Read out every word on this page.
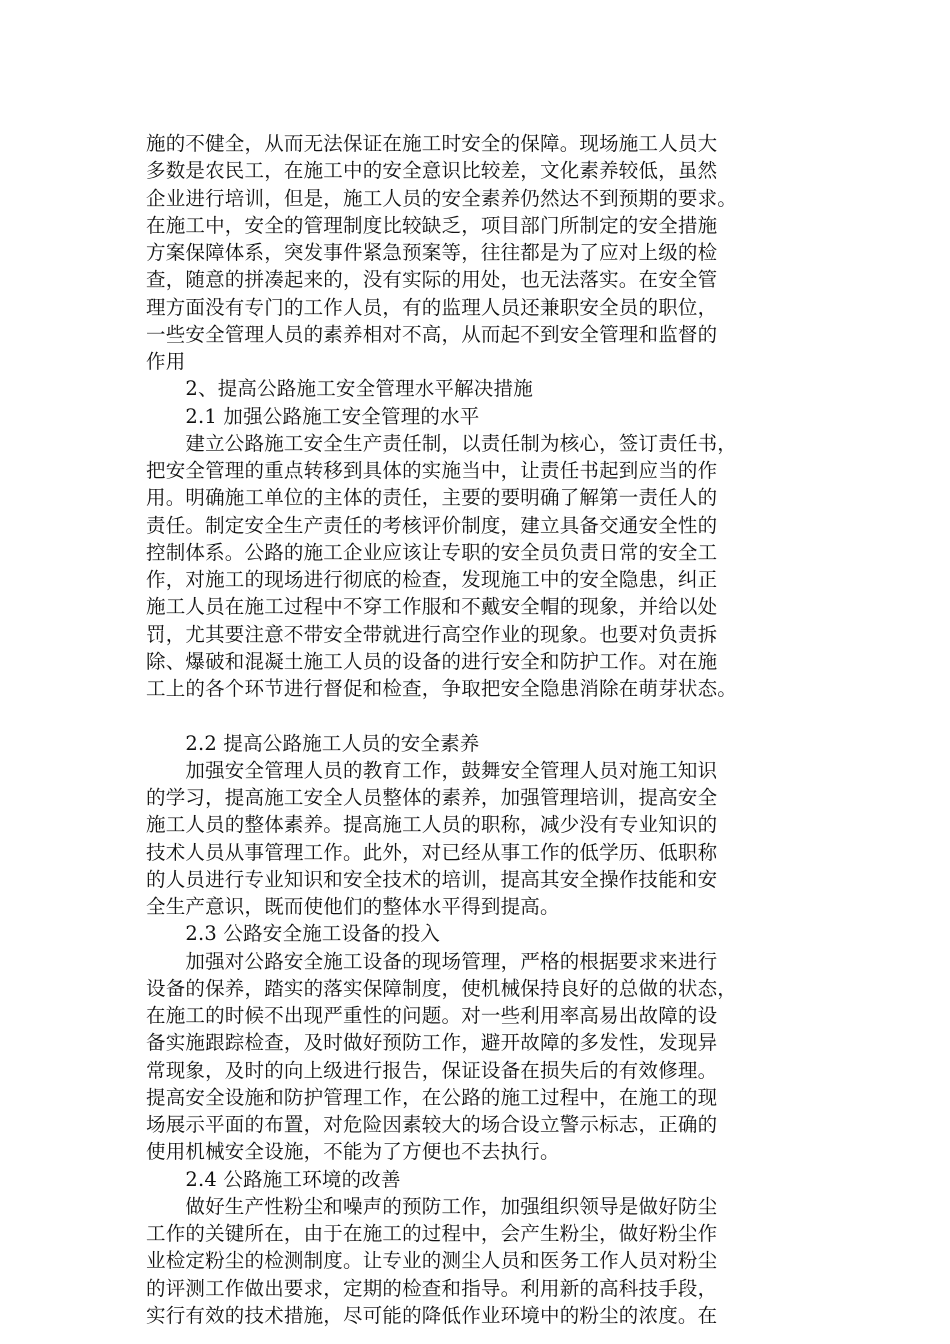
施的不健全，从而无法保证在施工时安全的保障。现场施工人员大
多数是农民工，在施工中的安全意识比较差，文化素养较低，虽然
企业进行培训，但是，施工人员的安全素养仍然达不到预期的要求。
在施工中，安全的管理制度比较缺乏，项目部门所制定的安全措施
方案保障体系，突发事件紧急预案等，往往都是为了应对上级的检
查，随意的拼凑起来的，没有实际的用处，也无法落实。在安全管
理方面没有专门的工作人员，有的监理人员还兼职安全员的职位，
一些安全管理人员的素养相对不高，从而起不到安全管理和监督的
作用
　　2、提高公路施工安全管理水平解决措施
　　2.1 加强公路施工安全管理的水平
　　建立公路施工安全生产责任制，以责任制为核心，签订责任书，
把安全管理的重点转移到具体的实施当中，让责任书起到应当的作
用。明确施工单位的主体的责任，主要的要明确了解第一责任人的
责任。制定安全生产责任的考核评价制度，建立具备交通安全性的
控制体系。公路的施工企业应该让专职的安全员负责日常的安全工
作，对施工的现场进行彻底的检查，发现施工中的安全隐患，纠正
施工人员在施工过程中不穿工作服和不戴安全帽的现象，并给以处
罚，尤其要注意不带安全带就进行高空作业的现象。也要对负责拆
除、爆破和混凝土施工人员的设备的进行安全和防护工作。对在施
工上的各个环节进行督促和检查，争取把安全隐患消除在萌芽状态。
　　2.2 提高公路施工人员的安全素养
　　加强安全管理人员的教育工作，鼓舞安全管理人员对施工知识
的学习，提高施工安全人员整体的素养，加强管理培训，提高安全
施工人员的整体素养。提高施工人员的职称，减少没有专业知识的
技术人员从事管理工作。此外，对已经从事工作的低学历、低职称
的人员进行专业知识和安全技术的培训，提高其安全操作技能和安
全生产意识，既而使他们的整体水平得到提高。
　　2.3 公路安全施工设备的投入
　　加强对公路安全施工设备的现场管理，严格的根据要求来进行
设备的保养，踏实的落实保障制度，使机械保持良好的总做的状态，
在施工的时候不出现严重性的问题。对一些利用率高易出故障的设
备实施跟踪检查，及时做好预防工作，避开故障的多发性，发现异
常现象，及时的向上级进行报告，保证设备在损失后的有效修理。
提高安全设施和防护管理工作，在公路的施工过程中，在施工的现
场展示平面的布置，对危险因素较大的场合设立警示标志，正确的
使用机械安全设施，不能为了方便也不去执行。
　　2.4 公路施工环境的改善
　　做好生产性粉尘和噪声的预防工作，加强组织领导是做好防尘
工作的关键所在，由于在施工的过程中，会产生粉尘，做好粉尘作
业检定粉尘的检测制度。让专业的测尘人员和医务工作人员对粉尘
的评测工作做出要求，定期的检查和指导。利用新的高科技手段，
实行有效的技术措施，尽可能的降低作业环境中的粉尘的浓度。在
